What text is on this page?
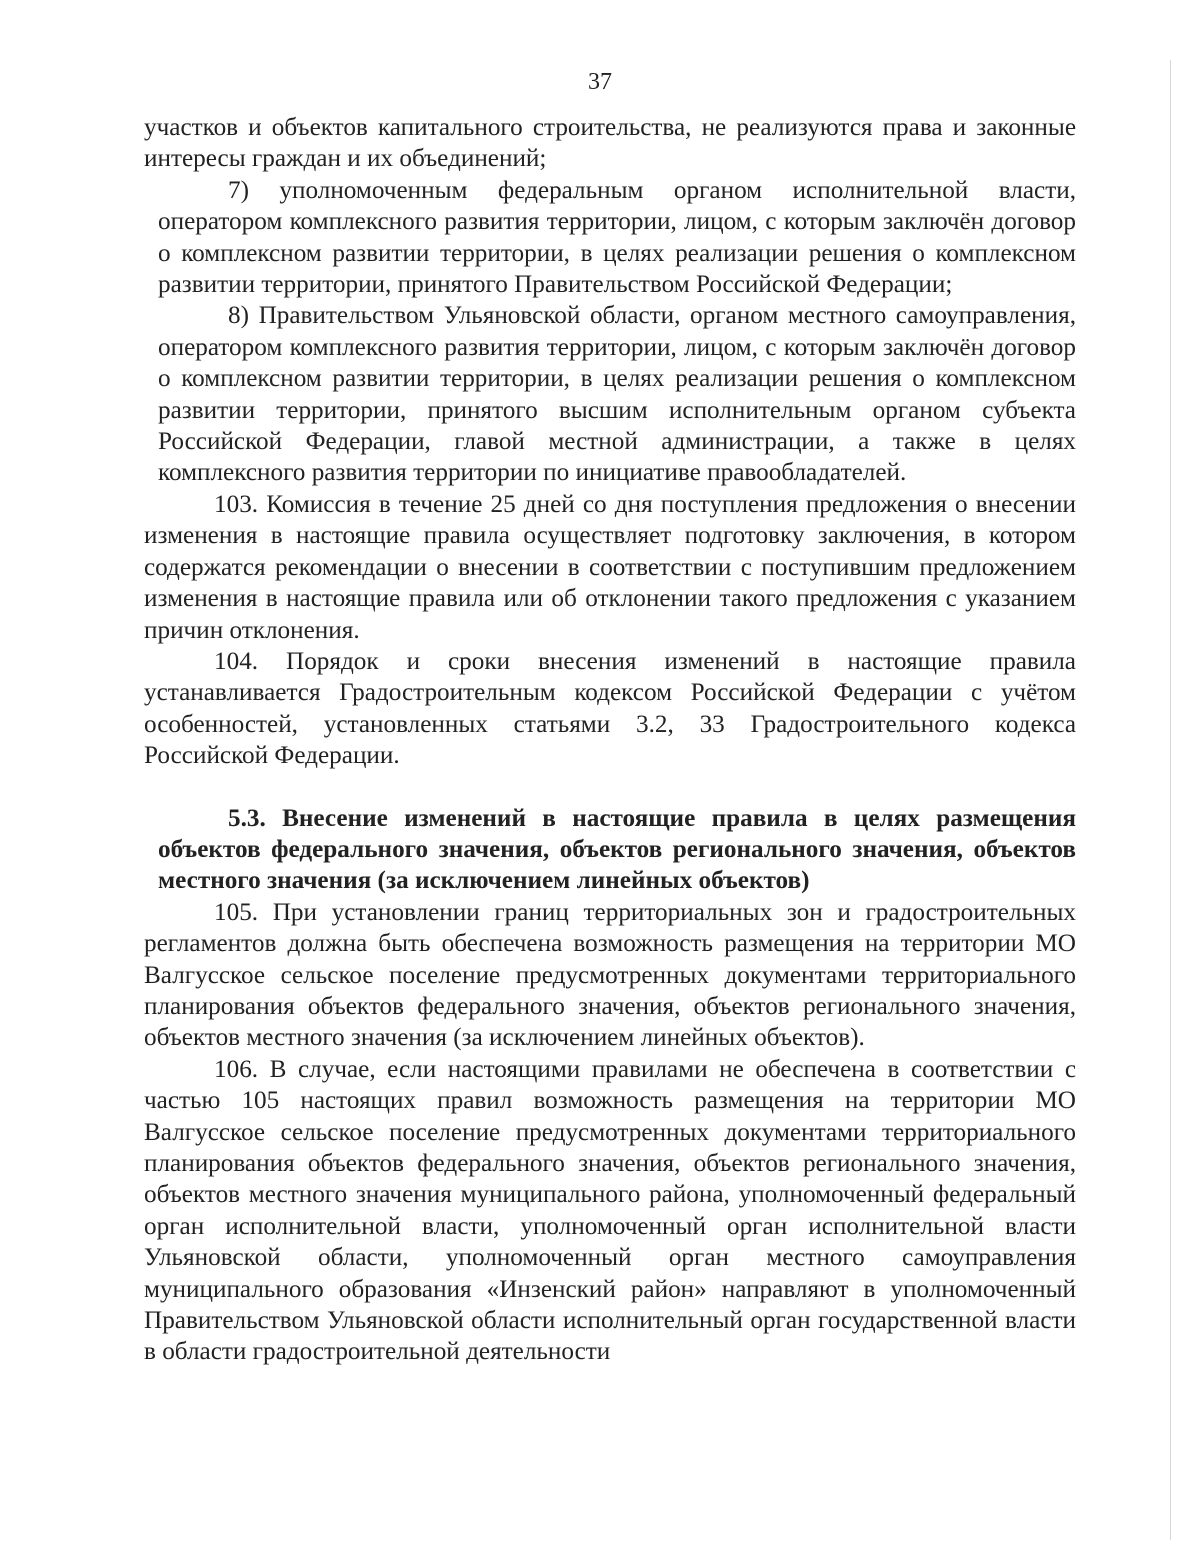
37

участков и объектов капитального строительства, не реализуются права и законные интересы граждан и их объединений;

7) уполномоченным федеральным органом исполнительной власти, оператором комплексного развития территории, лицом, с которым заключён договор о комплексном развитии территории, в целях реализации решения о комплексном развитии территории, принятого Правительством Российской Федерации;

8) Правительством Ульяновской области, органом местного самоуправления, оператором комплексного развития территории, лицом, с которым заключён договор о комплексном развитии территории, в целях реализации решения о комплексном развитии территории, принятого высшим исполнительным органом субъекта Российской Федерации, главой местной администрации, а также в целях комплексного развития территории по инициативе правообладателей.

103. Комиссия в течение 25 дней со дня поступления предложения о внесении изменения в настоящие правила осуществляет подготовку заключения, в котором содержатся рекомендации о внесении в соответствии с поступившим предложением изменения в настоящие правила или об отклонении такого предложения с указанием причин отклонения.

104. Порядок и сроки внесения изменений в настоящие правила устанавливается Градостроительным кодексом Российской Федерации с учётом особенностей, установленных статьями 3.2, 33 Градостроительного кодекса Российской Федерации.

5.3. Внесение изменений в настоящие правила в целях размещения объектов федерального значения, объектов регионального значения, объектов местного значения (за исключением линейных объектов)

105. При установлении границ территориальных зон и градостроительных регламентов должна быть обеспечена возможность размещения на территории МО Валгусское сельское поселение предусмотренных документами территориального планирования объектов федерального значения, объектов регионального значения, объектов местного значения (за исключением линейных объектов).

106. В случае, если настоящими правилами не обеспечена в соответствии с частью 105 настоящих правил возможность размещения на территории МО Валгусское сельское поселение предусмотренных документами территориального планирования объектов федерального значения, объектов регионального значения, объектов местного значения муниципального района, уполномоченный федеральный орган исполнительной власти, уполномоченный орган исполнительной власти Ульяновской области, уполномоченный орган местного самоуправления муниципального образования «Инзенский район» направляют в уполномоченный Правительством Ульяновской области исполнительный орган государственной власти в области градостроительной деятельности
